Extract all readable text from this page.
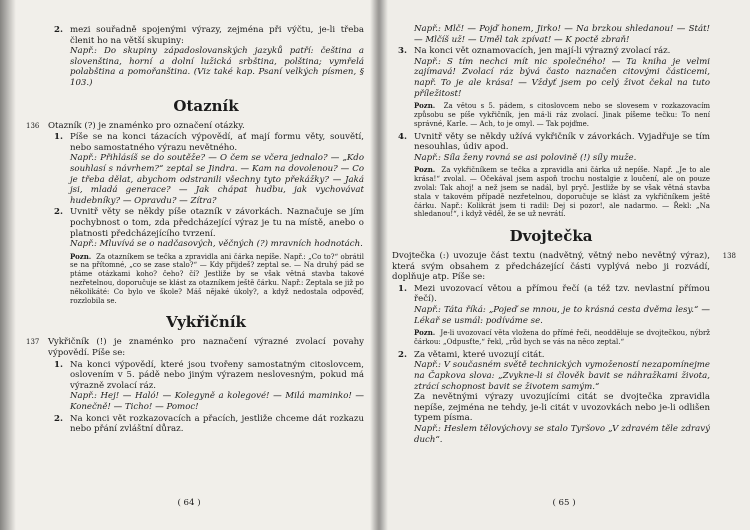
2. mezi souřadně spojenými výrazy, zejména při výčtu, je-li třeba členit ho na větší skupiny:

Např.: Do skupiny západoslovanských jazyků patří: čeština a slovenština, horní a dolní lužická srbština, polština; vymřelá polabština a pomořanština. (Viz také kap. Psaní velkých písmen, § 103.)

Otazník
136 Otazník (?) je znaménko pro označení otázky.

1. Píše se na konci tázacích výpovědí, ať mají formu věty, souvětí, nebo samostatného výrazu nevětného.

Např.: Přihlásíš se do soutěže? — O čem se včera jednalo? — „Kdo souhlasí s návrhem?“ zeptal se Jindra. — Kam na dovolenou? — Co je třeba dělat, abychom odstranili všechny tyto překážky? — Jaká jsi, mladá generace? — Jak chápat hudbu, jak vychovávat hudebníky? — Opravdu? — Zítra?

2. Uvnitř věty se někdy píše otazník v závorkách. Naznačuje se jím pochybnost o tom, zda předcházející výraz je tu na místě, anebo o platnosti předcházejícího tvrzení.

Např.: Mluvívá se o nadčasových, věčných (?) mravních hodnotách.

Pozn. Za otazníkem se tečka a zpravidla ani čárka nepíše. Např.: „Co to?“ obrátil se na přítomné, „co se zase stalo?“ — Kdy přijdeš? zeptal se. — Na druhý pád se ptáme otázkami koho? čeho? čí? Jestliže by se však větná stavba takové nezřetelnou, doporučuje se klást za otazníkem ještě čárku. Např.: Zeptala se již po několikáté: Co bylo ve škole? Máš nějaké úkoly?, a když nedostala odpověď, rozzlobila se.

Vykřičník
137 Vykřičník (!) je znaménko pro naznačení výrazné zvolací povahy výpovědí. Píše se:

1. Na konci výpovědí, které jsou tvořeny samostatným citoslovcem, oslovením v 5. pádě nebo jiným výrazem neslovesným, pokud má výrazně zvolací ráz.

Např.: Hej! — Haló! — Kolegyně a kolegové! — Milá maminko! — Konečně! — Ticho! — Pomoc!

2. Na konci vět rozkazovacích a přacích, jestliže chceme dát rozkazu nebo přání zvláštní důraz.

( 64 )

Např.: Mlč! — Pojď honem, Jirko! — Na brzkou shledanou! — Stát! — Mlčíš už! — Uměl tak zpívat! — K poctě zbraň!

3. Na konci vět oznamovacích, jen mají-li výrazný zvolací ráz.

Např.: S tím nechci mít nic společného! — Ta kniha je velmi zajímavá! Zvolací ráz bývá často naznačen citovými částicemi, např. To je ale krása! — Vždyť jsem po celý život čekal na tuto příležitost!

Pozn. Za větou s 5. pádem, s citoslovcem nebo se slovesem v rozkazovacím způsobu se píše vykřičník, jen má-li ráz zvolací. Jinak píšeme tečku: To není správné, Karle. — Ach, to je omyl. — Tak pojďme.

4. Uvnitř věty se někdy užívá vykřičník v závorkách. Vyjadřuje se tím nesouhlas, údiv apod.

Např.: Síla ženy rovná se asi polovině (!) síly muže.

Pozn. Za vykřičníkem se tečka a zpravidla ani čárka už nepíše. Např. „Je to ale krása!“ zvolal. — Očekával jsem aspoň trochu nostalgie z loučení, ale on pouze zvolal: Tak ahoj! a než jsem se nadál, byl pryč. Jestliže by se však větná stavba stala v takovém případě nezřetelnou, doporučuje se klást za vykřičníkem ještě čárku. Např.: Kolikrát jsem ti radil: Dej si pozor!, ale nadarmo. — Řekl: „Na shledanou!“, i když věděl, že se už nevrátí.

Dvojtečka
138

Dvojtečka (:) uvozuje část textu (nadvětný, větný nebo nevětný výraz), která svým obsahem z předcházející části vyplývá nebo ji rozvádí, doplňuje atp. Píše se:

1. Mezi uvozovací větou a přímou řečí (a též tzv. nevlastní přímou řečí).

Např.: Táta říká: „Pojeď se mnou, je to krásná cesta dvěma lesy.“ — Lékař se usmál: podíváme se.

Pozn. Je-li uvozovací věta vložena do přímé řeči, neodděluje se dvojtečkou, nýbrž čárkou: „Odpusťte,“ řekl, „růd bych se vás na něco zeptal.“

2. Za větami, které uvozují citát.

Např.: V současném světě technických vymožeností nezapomínejme na Čapkova slova: „Zvykne-li si člověk bavit se náhražkami života, ztrácí schopnost bavit se životem samým.“

Za nevětnými výrazy uvozujícími citát se dvojtečka zpravidla nepíše, zejména ne tehdy, je-li citát v uvozovkách nebo je-li odlišen typem písma.

Např.: Heslem tělovýchovy se stalo Tyršovo „V zdravém těle zdravý duch“.

( 65 )
